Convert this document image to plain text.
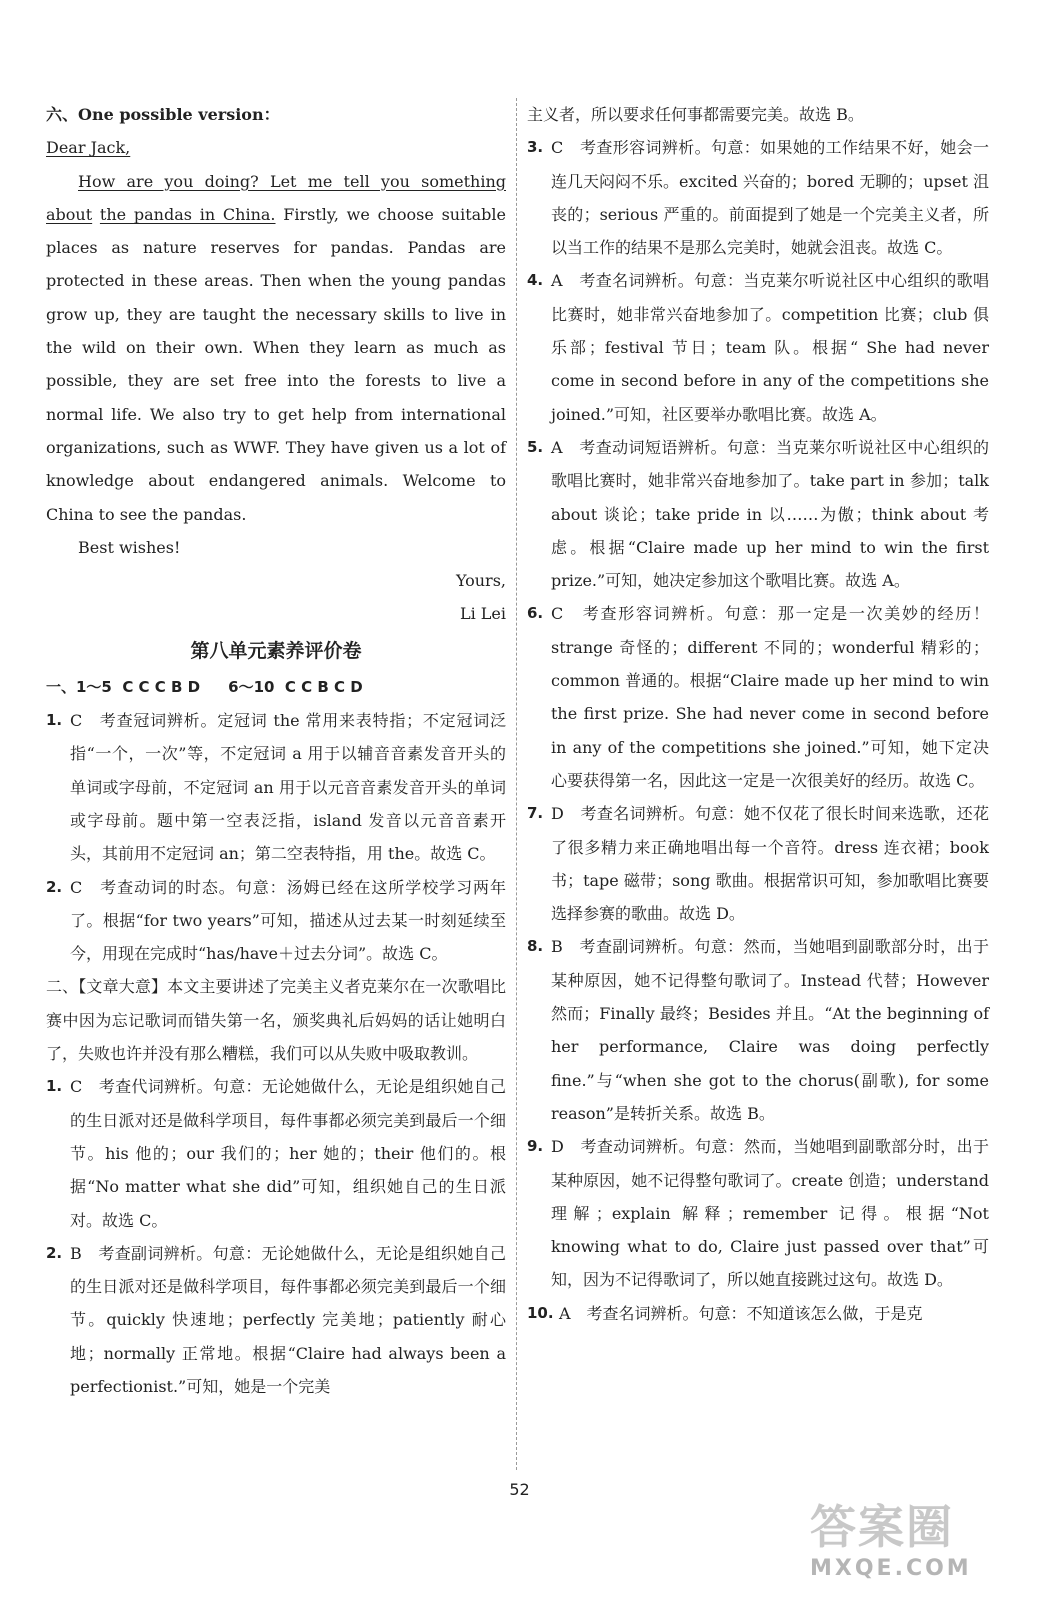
六、One possible version：

Dear Jack,

How are you doing? Let me tell you something about the pandas in China. Firstly, we choose suitable places as nature reserves for pandas. Pandas are protected in these areas. Then when the young pandas grow up, they are taught the necessary skills to live in the wild on their own. When they learn as much as possible, they are set free into the forests to live a normal life. We also try to get help from international organizations, such as WWF. They have given us a lot of knowledge about endangered animals. Welcome to China to see the pandas.

Best wishes!

Yours,

Li Lei

第八单元素养评价卷

一、1～5 C C C B D 6～10 C C B C D

1. C　考查冠词辨析。定冠词 the 常用来表特指；不定冠词泛指“一个，一次”等，不定冠词 a 用于以辅音音素发音开头的单词或字母前，不定冠词 an 用于以元音音素发音开头的单词或字母前。题中第一空表泛指，island 发音以元音音素开头，其前用不定冠词 an；第二空表特指，用 the。故选 C。

2. C　考查动词的时态。句意：汤姆已经在这所学校学习两年了。根据“for two years”可知，描述从过去某一时刻延续至今，用现在完成时“has/have＋过去分词”。故选 C。

二、【文章大意】本文主要讲述了完美主义者克莱尔在一次歌唱比赛中因为忘记歌词而错失第一名，颁奖典礼后妈妈的话让她明白了，失败也许并没有那么糟糕，我们可以从失败中吸取教训。

1. C　考查代词辨析。句意：无论她做什么，无论是组织她自己的生日派对还是做科学项目，每件事都必须完美到最后一个细节。his 他的；our 我们的；her 她的；their 他们的。根据“No matter what she did”可知，组织她自己的生日派对。故选 C。

2. B　考查副词辨析。句意：无论她做什么，无论是组织她自己的生日派对还是做科学项目，每件事都必须完美到最后一个细节。quickly 快速地；perfectly 完美地；patiently 耐心地；normally 正常地。根据“Claire had always been a perfectionist.”可知，她是一个完美

主义者，所以要求任何事都需要完美。故选 B。

3. C　考查形容词辨析。句意：如果她的工作结果不好，她会一连几天闷闷不乐。excited 兴奋的；bored 无聊的；upset 沮丧的；serious 严重的。前面提到了她是一个完美主义者，所以当工作的结果不是那么完美时，她就会沮丧。故选 C。

4. A　考查名词辨析。句意：当克莱尔听说社区中心组织的歌唱比赛时，她非常兴奋地参加了。competition 比赛；club 俱乐部；festival 节日；team 队。根据“ She had never come in second before in any of the competitions she joined.”可知，社区要举办歌唱比赛。故选 A。

5. A　考查动词短语辨析。句意：当克莱尔听说社区中心组织的歌唱比赛时，她非常兴奋地参加了。take part in 参加；talk about 谈论；take pride in 以……为傲；think about 考虑。根据“Claire made up her mind to win the first prize.”可知，她决定参加这个歌唱比赛。故选 A。

6. C　考查形容词辨析。句意：那一定是一次美妙的经历！strange 奇怪的；different 不同的；wonderful 精彩的；common 普通的。根据“Claire made up her mind to win the first prize. She had never come in second before in any of the competitions she joined.”可知，她下定决心要获得第一名，因此这一定是一次很美好的经历。故选 C。

7. D　考查名词辨析。句意：她不仅花了很长时间来选歌，还花了很多精力来正确地唱出每一个音符。dress 连衣裙；book 书；tape 磁带；song 歌曲。根据常识可知，参加歌唱比赛要选择参赛的歌曲。故选 D。

8. B　考查副词辨析。句意：然而，当她唱到副歌部分时，出于某种原因，她不记得整句歌词了。Instead 代替；However 然而；Finally 最终；Besides 并且。“At the beginning of her performance, Claire was doing perfectly fine.”与“when she got to the chorus(副歌), for some reason”是转折关系。故选 B。

9. D　考查动词辨析。句意：然而，当她唱到副歌部分时，出于某种原因，她不记得整句歌词了。create 创造；understand 理解；explain 解释；remember 记得。根据“Not knowing what to do, Claire just passed over that”可知，因为不记得歌词了，所以她直接跳过这句。故选 D。

10. A　考查名词辨析。句意：不知道该怎么做，于是克

52
答案圈
MXQE.COM
